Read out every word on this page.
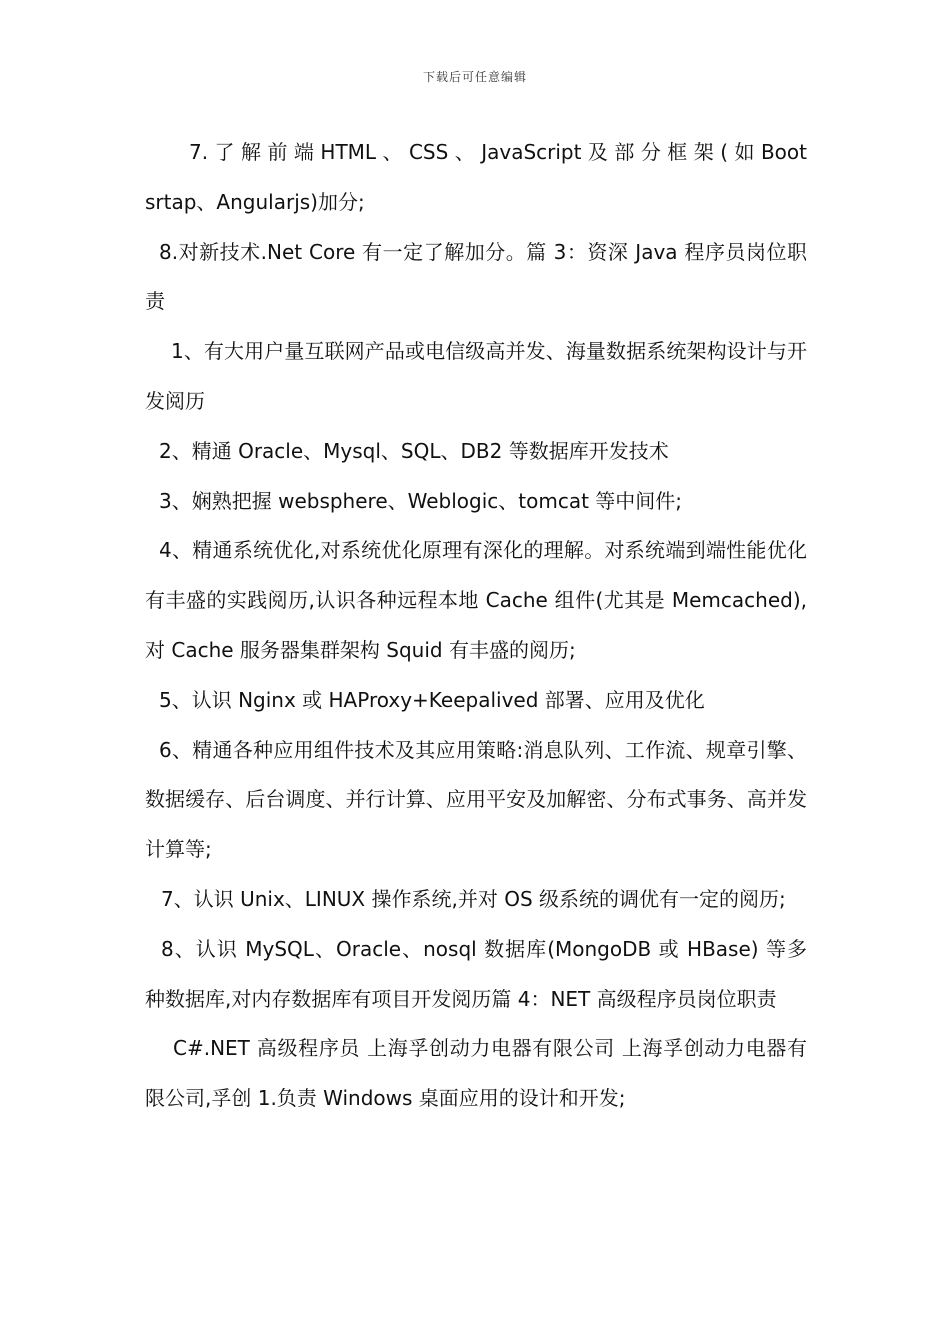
下载后可任意编辑

7. 了 解 前 端 HTML 、 CSS 、 JavaScript 及 部 分 框 架 ( 如 Bootsrtap、Angularjs)加分;

8.对新技术.Net Core 有一定了解加分。篇 3：资深 Java 程序员岗位职责

1、有大用户量互联网产品或电信级高并发、海量数据系统架构设计与开发阅历

2、精通 Oracle、Mysql、SQL、DB2 等数据库开发技术

3、娴熟把握 websphere、Weblogic、tomcat 等中间件;

4、精通系统优化,对系统优化原理有深化的理解。对系统端到端性能优化有丰盛的实践阅历,认识各种远程本地 Cache 组件(尤其是 Memcached),对 Cache 服务器集群架构 Squid 有丰盛的阅历;

5、认识 Nginx 或 HAProxy+Keepalived 部署、应用及优化

6、精通各种应用组件技术及其应用策略:消息队列、工作流、规章引擎、数据缓存、后台调度、并行计算、应用平安及加解密、分布式事务、高并发计算等;

7、认识 Unix、LINUX 操作系统,并对 OS 级系统的调优有一定的阅历;

8、认识 MySQL、Oracle、nosql 数据库(MongoDB 或 HBase) 等多种数据库,对内存数据库有项目开发阅历篇 4：NET 高级程序员岗位职责

C#.NET 高级程序员 上海孚创动力电器有限公司 上海孚创动力电器有限公司,孚创 1.负责 Windows 桌面应用的设计和开发;
